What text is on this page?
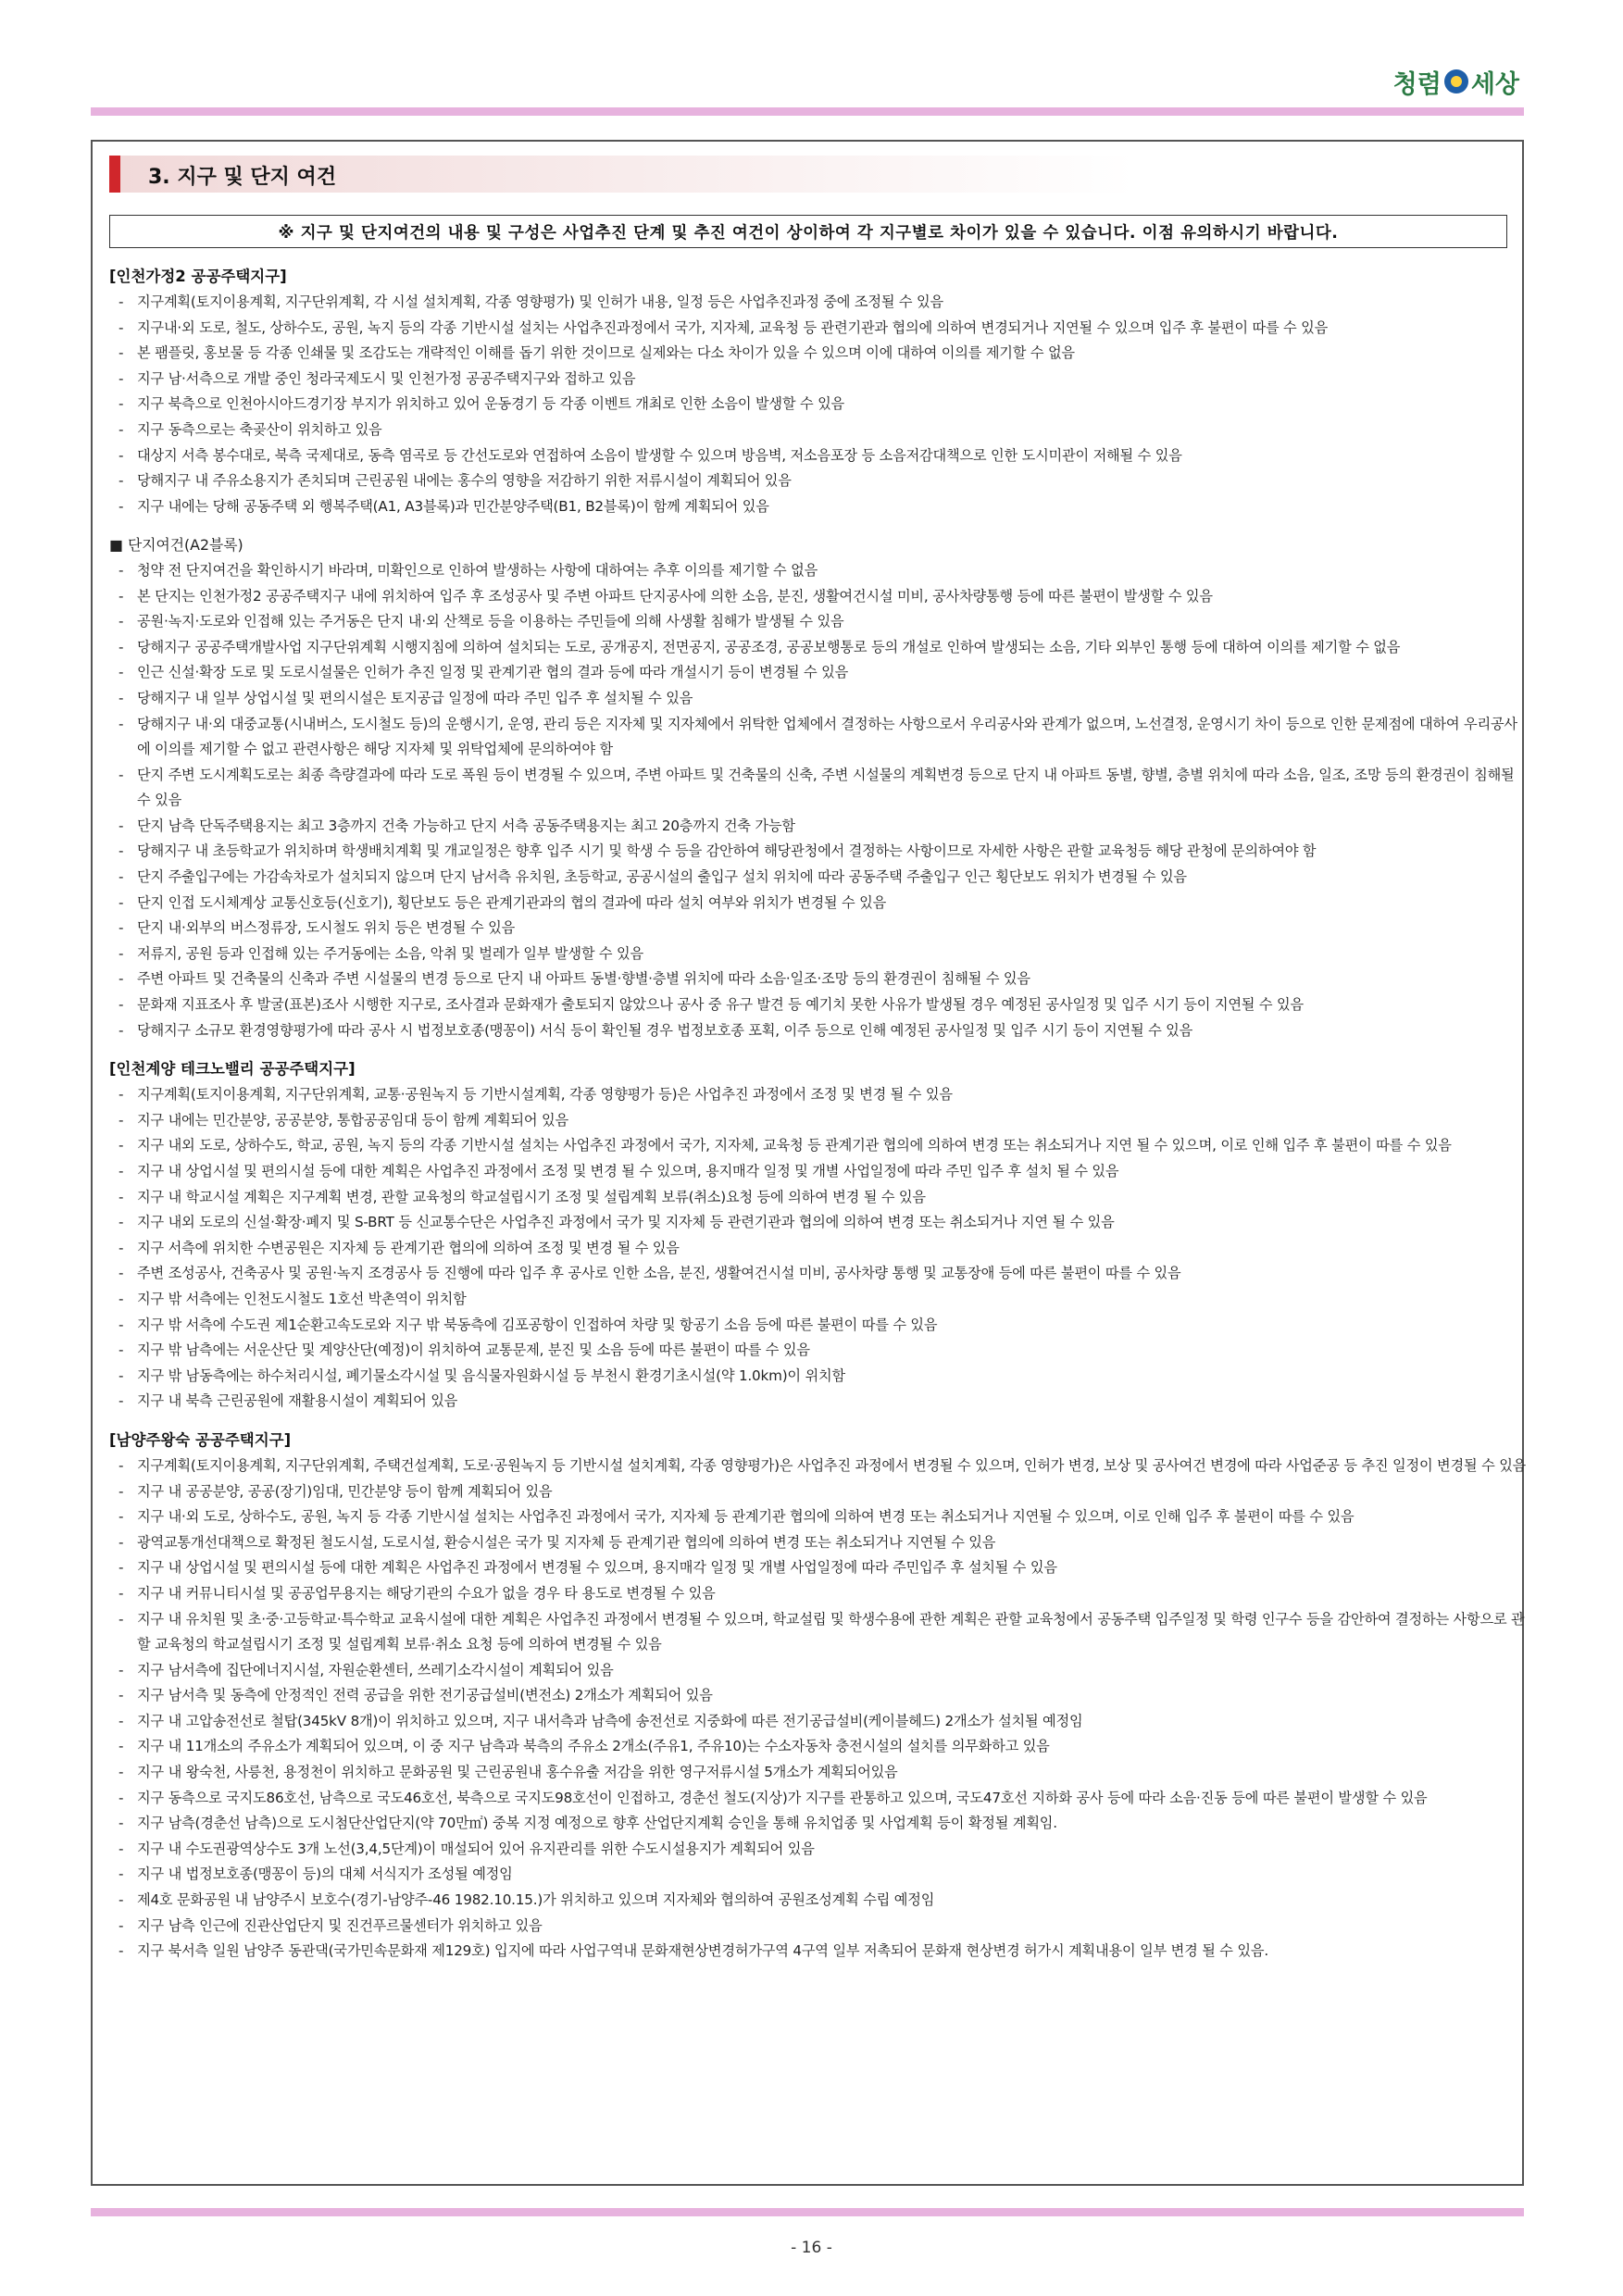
청렴 세상
3. 지구 및 단지 여건
※ 지구 및 단지여건의 내용 및 구성은 사업추진 단계 및 추진 여건이 상이하여 각 지구별로 차이가 있을 수 있습니다. 이점 유의하시기 바랍니다.
[인천가정2 공공주택지구]
- 지구계획(토지이용계획, 지구단위계획, 각 시설 설치계획, 각종 영향평가) 및 인허가 내용, 일정 등은 사업추진과정 중에 조정될 수 있음
- 지구내·외 도로, 철도, 상하수도, 공원, 녹지 등의 각종 기반시설 설치는 사업추진과정에서 국가, 지자체, 교육청 등 관련기관과 협의에 의하여 변경되거나 지연될 수 있으며 입주 후 불편이 따를 수 있음
- 본 팸플릿, 홍보물 등 각종 인쇄물 및 조감도는 개략적인 이해를 돕기 위한 것이므로 실제와는 다소 차이가 있을 수 있으며 이에 대하여 이의를 제기할 수 없음
- 지구 남·서측으로 개발 중인 청라국제도시 및 인천가정 공공주택지구와 접하고 있음
- 지구 북측으로 인천아시아드경기장 부지가 위치하고 있어 운동경기 등 각종 이벤트 개최로 인한 소음이 발생할 수 있음
- 지구 동측으로는 축곶산이 위치하고 있음
- 대상지 서측 봉수대로, 북측 국제대로, 동측 염곡로 등 간선도로와 연접하여 소음이 발생할 수 있으며 방음벽, 저소음포장 등 소음저감대책으로 인한 도시미관이 저해될 수 있음
- 당해지구 내 주유소용지가 존치되며 근린공원 내에는 홍수의 영향을 저감하기 위한 저류시설이 계획되어 있음
- 지구 내에는 당해 공동주택 외 행복주택(A1, A3블록)과 민간분양주택(B1, B2블록)이 함께 계획되어 있음
■ 단지여건(A2블록)
- 청약 전 단지여건을 확인하시기 바라며, 미확인으로 인하여 발생하는 사항에 대하여는 추후 이의를 제기할 수 없음
- 본 단지는 인천가정2 공공주택지구 내에 위치하여 입주 후 조성공사 및 주변 아파트 단지공사에 의한 소음, 분진, 생활여건시설 미비, 공사차량통행 등에 따른 불편이 발생할 수 있음
- 공원·녹지·도로와 인접해 있는 주거동은 단지 내·외 산책로 등을 이용하는 주민들에 의해 사생활 침해가 발생될 수 있음
- 당해지구 공공주택개발사업 지구단위계획 시행지침에 의하여 설치되는 도로, 공개공지, 전면공지, 공공조경, 공공보행통로 등의 개설로 인하여 발생되는 소음, 기타 외부인 통행 등에 대하여 이의를 제기할 수 없음
- 인근 신설·확장 도로 및 도로시설물은 인허가 추진 일정 및 관계기관 협의 결과 등에 따라 개설시기 등이 변경될 수 있음
- 당해지구 내 일부 상업시설 및 편의시설은 토지공급 일정에 따라 주민 입주 후 설치될 수 있음
- 당해지구 내·외 대중교통(시내버스, 도시철도 등)의 운행시기, 운영, 관리 등은 지자체 및 지자체에서 위탁한 업체에서 결정하는 사항으로서 우리공사와 관계가 없으며, 노선결정, 운영시기 차이 등으로 인한 문제점에 대하여 우리공사에 이의를 제기할 수 없고 관련사항은 해당 지자체 및 위탁업체에 문의하여야 함
- 단지 주변 도시계획도로는 최종 측량결과에 따라 도로 폭원 등이 변경될 수 있으며, 주변 아파트 및 건축물의 신축, 주변 시설물의 계획변경 등으로 단지 내 아파트 동별, 향별, 층별 위치에 따라 소음, 일조, 조망 등의 환경권이 침해될 수 있음
- 단지 남측 단독주택용지는 최고 3층까지 건축 가능하고 단지 서측 공동주택용지는 최고 20층까지 건축 가능함
- 당해지구 내 초등학교가 위치하며 학생배치계획 및 개교일정은 향후 입주 시기 및 학생 수 등을 감안하여 해당관청에서 결정하는 사항이므로 자세한 사항은 관할 교육청등 해당 관청에 문의하여야 함
- 단지 주출입구에는 가감속차로가 설치되지 않으며 단지 남서측 유치원, 초등학교, 공공시설의 출입구 설치 위치에 따라 공동주택 주출입구 인근 횡단보도 위치가 변경될 수 있음
- 단지 인접 도시체계상 교통신호등(신호기), 횡단보도 등은 관계기관과의 협의 결과에 따라 설치 여부와 위치가 변경될 수 있음
- 단지 내·외부의 버스정류장, 도시철도 위치 등은 변경될 수 있음
- 저류지, 공원 등과 인접해 있는 주거동에는 소음, 악취 및 벌레가 일부 발생할 수 있음
- 주변 아파트 및 건축물의 신축과 주변 시설물의 변경 등으로 단지 내 아파트 동별·향별·층별 위치에 따라 소음·일조·조망 등의 환경권이 침해될 수 있음
- 문화재 지표조사 후 발굴(표본)조사 시행한 지구로, 조사결과 문화재가 출토되지 않았으나 공사 중 유구 발견 등 예기치 못한 사유가 발생될 경우 예정된 공사일정 및 입주 시기 등이 지연될 수 있음
- 당해지구 소규모 환경영향평가에 따라 공사 시 법정보호종(맹꽁이) 서식 등이 확인될 경우 법정보호종 포획, 이주 등으로 인해 예정된 공사일정 및 입주 시기 등이 지연될 수 있음
[인천계양 테크노밸리 공공주택지구]
- 지구계획(토지이용계획, 지구단위계획, 교통·공원녹지 등 기반시설계획, 각종 영향평가 등)은 사업추진 과정에서 조정 및 변경 될 수 있음
- 지구 내에는 민간분양, 공공분양, 통합공공임대 등이 함께 계획되어 있음
- 지구 내외 도로, 상하수도, 학교, 공원, 녹지 등의 각종 기반시설 설치는 사업추진 과정에서 국가, 지자체, 교육청 등 관계기관 협의에 의하여 변경 또는 취소되거나 지연 될 수 있으며, 이로 인해 입주 후 불편이 따를 수 있음
- 지구 내 상업시설 및 편의시설 등에 대한 계획은 사업추진 과정에서 조정 및 변경 될 수 있으며, 용지매각 일정 및 개별 사업일정에 따라 주민 입주 후 설치 될 수 있음
- 지구 내 학교시설 계획은 지구계획 변경, 관할 교육청의 학교설립시기 조정 및 설립계획 보류(취소)요청 등에 의하여 변경 될 수 있음
- 지구 내외 도로의 신설·확장·폐지 및 S-BRT 등 신교통수단은 사업추진 과정에서 국가 및 지자체 등 관련기관과 협의에 의하여 변경 또는 취소되거나 지연 될 수 있음
- 지구 서측에 위치한 수변공원은 지자체 등 관계기관 협의에 의하여 조정 및 변경 될 수 있음
- 주변 조성공사, 건축공사 및 공원·녹지 조경공사 등 진행에 따라 입주 후 공사로 인한 소음, 분진, 생활여건시설 미비, 공사차량 통행 및 교통장애 등에 따른 불편이 따를 수 있음
- 지구 밖 서측에는 인천도시철도 1호선 박촌역이 위치함
- 지구 밖 서측에 수도권 제1순환고속도로와 지구 밖 북동측에 김포공항이 인접하여 차량 및 항공기 소음 등에 따른 불편이 따를 수 있음
- 지구 밖 남측에는 서운산단 및 계양산단(예정)이 위치하여 교통문제, 분진 및 소음 등에 따른 불편이 따를 수 있음
- 지구 밖 남동측에는 하수처리시설, 폐기물소각시설 및 음식물자원화시설 등 부천시 환경기초시설(약 1.0km)이 위치함
- 지구 내 북측 근린공원에 재활용시설이 계획되어 있음
[남양주왕숙 공공주택지구]
- 지구계획(토지이용계획, 지구단위계획, 주택건설계획, 도로·공원녹지 등 기반시설 설치계획, 각종 영향평가)은 사업추진 과정에서 변경될 수 있으며, 인허가 변경, 보상 및 공사여건 변경에 따라 사업준공 등 추진 일정이 변경될 수 있음
- 지구 내 공공분양, 공공(장기)임대, 민간분양 등이 함께 계획되어 있음
- 지구 내·외 도로, 상하수도, 공원, 녹지 등 각종 기반시설 설치는 사업추진 과정에서 국가, 지자체 등 관계기관 협의에 의하여 변경 또는 취소되거나 지연될 수 있으며, 이로 인해 입주 후 불편이 따를 수 있음
- 광역교통개선대책으로 확정된 철도시설, 도로시설, 환승시설은 국가 및 지자체 등 관계기관 협의에 의하여 변경 또는 취소되거나 지연될 수 있음
- 지구 내 상업시설 및 편의시설 등에 대한 계획은 사업추진 과정에서 변경될 수 있으며, 용지매각 일정 및 개별 사업일정에 따라 주민입주 후 설치될 수 있음
- 지구 내 커뮤니티시설 및 공공업무용지는 해당기관의 수요가 없을 경우 타 용도로 변경될 수 있음
- 지구 내 유치원 및 초·중·고등학교·특수학교 교육시설에 대한 계획은 사업추진 과정에서 변경될 수 있으며, 학교설립 및 학생수용에 관한 계획은 관할 교육청에서 공동주택 입주일정 및 학령 인구수 등을 감안하여 결정하는 사항으로 관할 교육청의 학교설립시기 조정 및 설립계획 보류·취소 요청 등에 의하여 변경될 수 있음
- 지구 남서측에 집단에너지시설, 자원순환센터, 쓰레기소각시설이 계획되어 있음
- 지구 남서측 및 동측에 안정적인 전력 공급을 위한 전기공급설비(변전소) 2개소가 계획되어 있음
- 지구 내 고압송전선로 철탑(345kV 8개)이 위치하고 있으며, 지구 내서측과 남측에 송전선로 지중화에 따른 전기공급설비(케이블헤드) 2개소가 설치될 예정임
- 지구 내 11개소의 주유소가 계획되어 있으며, 이 중 지구 남측과 북측의 주유소 2개소(주유1, 주유10)는 수소자동차 충전시설의 설치를 의무화하고 있음
- 지구 내 왕숙천, 사릉천, 용정천이 위치하고 문화공원 및 근린공원내 홍수유출 저감을 위한 영구저류시설 5개소가 계획되어있음
- 지구 동측으로 국지도86호선, 남측으로 국도46호선, 북측으로 국지도98호선이 인접하고, 경춘선 철도(지상)가 지구를 관통하고 있으며, 국도47호선 지하화 공사 등에 따라 소음·진동 등에 따른 불편이 발생할 수 있음
- 지구 남측(경춘선 남측)으로 도시첨단산업단지(약 70만㎡) 중복 지정 예정으로 향후 산업단지계획 승인을 통해 유치업종 및 사업계획 등이 확정될 계획임.
- 지구 내 수도권광역상수도 3개 노선(3,4,5단계)이 매설되어 있어 유지관리를 위한 수도시설용지가 계획되어 있음
- 지구 내 법정보호종(맹꽁이 등)의 대체 서식지가 조성될 예정임
- 제4호 문화공원 내 남양주시 보호수(경기-남양주-46 1982.10.15.)가 위치하고 있으며 지자체와 협의하여 공원조성계획 수립 예정임
- 지구 남측 인근에 진관산업단지 및 진건푸르물센터가 위치하고 있음
- 지구 북서측 일원 남양주 동관댁(국가민속문화재 제129호) 입지에 따라 사업구역내 문화재현상변경허가구역 4구역 일부 저촉되어 문화재 현상변경 허가시 계획내용이 일부 변경 될 수 있음.
- 16 -
